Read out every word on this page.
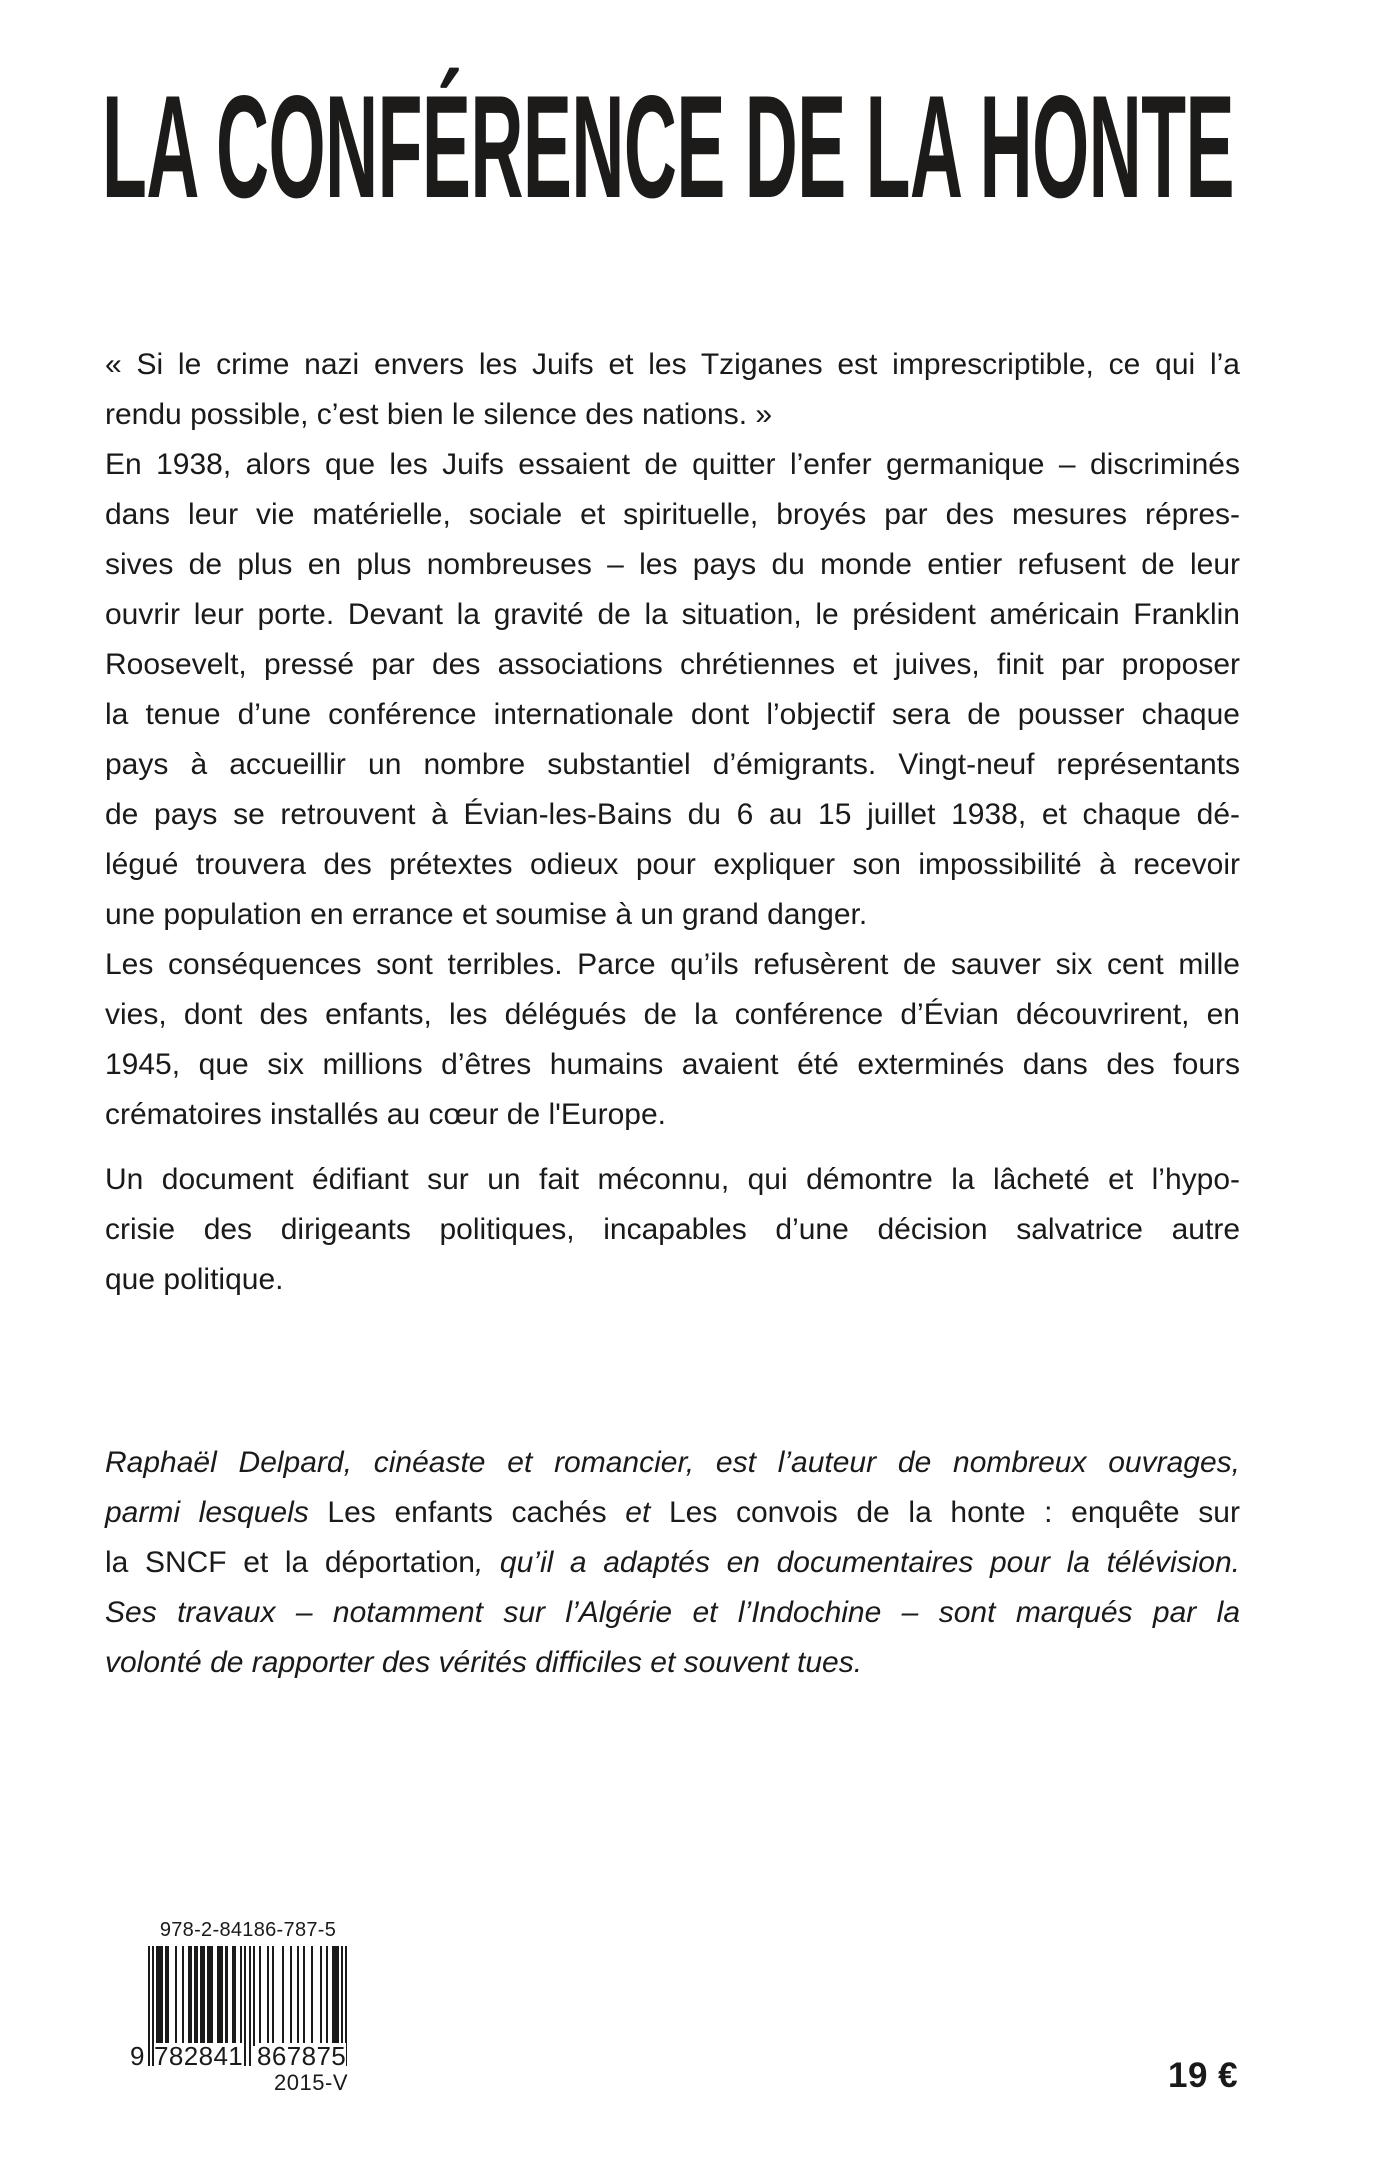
LA CONFÉRENCE DE LA HONTE
« Si le crime nazi envers les Juifs et les Tziganes est imprescriptible, ce qui l’a
rendu possible, c’est bien le silence des nations. »
En 1938, alors que les Juifs essaient de quitter l’enfer germanique – discriminés
dans leur vie matérielle, sociale et spirituelle, broyés par des mesures répres-
sives de plus en plus nombreuses – les pays du monde entier refusent de leur
ouvrir leur porte. Devant la gravité de la situation, le président américain Franklin
Roosevelt, pressé par des associations chrétiennes et juives, finit par proposer
la tenue d’une conférence internationale dont l’objectif sera de pousser chaque
pays à accueillir un nombre substantiel d’émigrants. Vingt-neuf représentants
de pays se retrouvent à Évian-les-Bains du 6 au 15 juillet 1938, et chaque dé-
légué trouvera des prétextes odieux pour expliquer son impossibilité à recevoir
une population en errance et soumise à un grand danger.
Les conséquences sont terribles. Parce qu’ils refusèrent de sauver six cent mille
vies, dont des enfants, les délégués de la conférence d’Évian découvrirent, en
1945, que six millions d’êtres humains avaient été exterminés dans des fours
crématoires installés au cœur de l'Europe.
Un document édifiant sur un fait méconnu, qui démontre la lâcheté et l’hypo-
crisie des dirigeants politiques, incapables d’une décision salvatrice autre
que politique.
Raphaël Delpard, cinéaste et romancier, est l’auteur de nombreux ouvrages,
parmi lesquels Les enfants cachés et Les convois de la honte : enquête sur
la SNCF et la déportation, qu’il a adaptés en documentaires pour la télévision.
Ses travaux – notamment sur l’Algérie et l’Indochine – sont marqués par la
volonté de rapporter des vérités difficiles et souvent tues.
978-2-84186-787-5
9 782841 867875
2015-V	19 €
